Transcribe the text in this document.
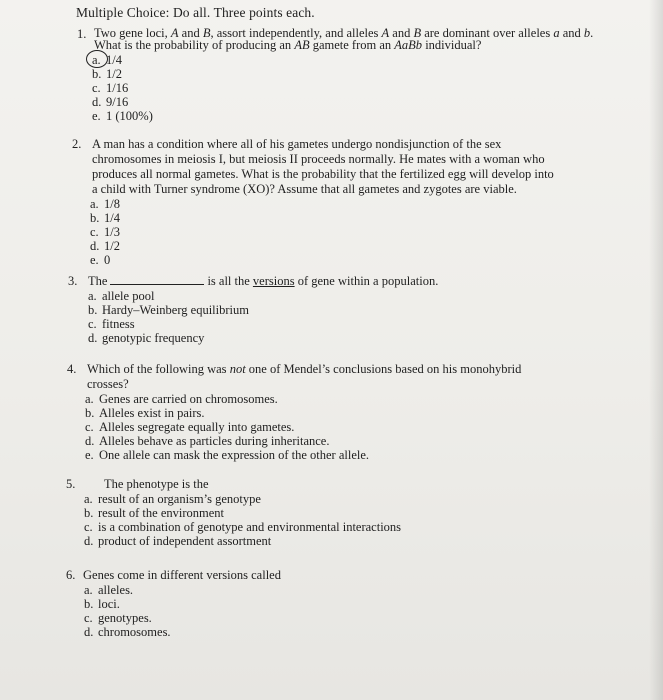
Multiple Choice: Do all. Three points each.
1. Two gene loci, A and B, assort independently, and alleles A and B are dominant over alleles a and b. What is the probability of producing an AB gamete from an AaBb individual?
a. 1/4
b. 1/2
c. 1/16
d. 9/16
e. 1 (100%)
2. A man has a condition where all of his gametes undergo nondisjunction of the sex
chromosomes in meiosis I, but meiosis II proceeds normally. He mates with a woman who
produces all normal gametes. What is the probability that the fertilized egg will develop into
a child with Turner syndrome (XO)? Assume that all gametes and zygotes are viable.
a. 1/8
b. 1/4
c. 1/3
d. 1/2
e. 0
3. The	is all the versions of gene within a population.
a. allele pool
b. Hardy–Weinberg equilibrium
c. fitness
d. genotypic frequency
4. Which of the following was not one of Mendel’s conclusions based on his monohybrid
crosses?
a. Genes are carried on chromosomes.
b. Alleles exist in pairs.
c. Alleles segregate equally into gametes.
d. Alleles behave as particles during inheritance.
e. One allele can mask the expression of the other allele.
5. The phenotype is the
a. result of an organism’s genotype
b. result of the environment
c. is a combination of genotype and environmental interactions
d. product of independent assortment
6. Genes come in different versions called
a. alleles.
b. loci.
c. genotypes.
d. chromosomes.
